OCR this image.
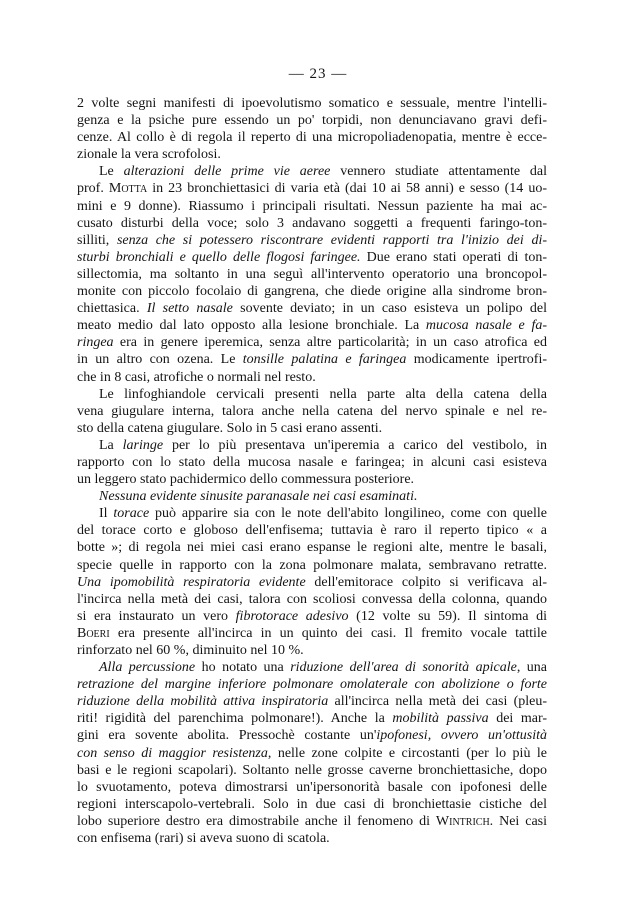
— 23 —

2 volte segni manifesti di ipoevolutismo somatico e sessuale, mentre l'intelli-
genza e la psiche pure essendo un po' torpidi, non denunciavano gravi defi-
cenze. Al collo è di regola il reperto di una micropoliadenopatia, mentre è ecce-
zionale la vera scrofolosi.

Le alterazioni delle prime vie aeree vennero studiate attentamente dal
prof. Motta in 23 bronchiettasici di varia età (dai 10 ai 58 anni) e sesso (14 uo-
mini e 9 donne). Riassumo i principali risultati. Nessun paziente ha mai ac-
cusato disturbi della voce; solo 3 andavano soggetti a frequenti faringo-ton-
silliti, senza che si potessero riscontrare evidenti rapporti tra l'inizio dei di-
sturbi bronchiali e quello delle flogosi faringee. Due erano stati operati di ton-
sillectomia, ma soltanto in una seguì all'intervento operatorio una broncopol-
monite con piccolo focolaio di gangrena, che diede origine alla sindrome bron-
chiettasica. Il setto nasale sovente deviato; in un caso esisteva un polipo del
meato medio dal lato opposto alla lesione bronchiale. La mucosa nasale e fa-
ringea era in genere iperemica, senza altre particolarità; in un caso atrofica ed
in un altro con ozena. Le tonsille palatina e faringea modicamente ipertrofi-
che in 8 casi, atrofiche o normali nel resto.

Le linfoghiandole cervicali presenti nella parte alta della catena della
vena giugulare interna, talora anche nella catena del nervo spinale e nel re-
sto della catena giugulare. Solo in 5 casi erano assenti.

La laringe per lo più presentava un'iperemia a carico del vestibolo, in
rapporto con lo stato della mucosa nasale e faringea; in alcuni casi esisteva
un leggero stato pachidermico dello commessura posteriore.

Nessuna evidente sinusite paranasale nei casi esaminati.

Il torace può apparire sia con le note dell'abito longilineo, come con quelle
del torace corto e globoso dell'enfisema; tuttavia è raro il reperto tipico « a
botte »; di regola nei miei casi erano espanse le regioni alte, mentre le basali,
specie quelle in rapporto con la zona polmonare malata, sembravano retratte.
Una ipomobilità respiratoria evidente dell'emitorace colpito si verificava al-
l'incirca nella metà dei casi, talora con scoliosi convessa della colonna, quando
si era instaurato un vero fibrotorace adesivo (12 volte su 59). Il sintoma di
Boeri era presente all'incirca in un quinto dei casi. Il fremito vocale tattile
rinforzato nel 60 %, diminuito nel 10 %.

Alla percussione ho notato una riduzione dell'area di sonorità apicale, una
retrazione del margine inferiore polmonare omolaterale con abolizione o forte
riduzione della mobilità attiva inspiratoria all'incirca nella metà dei casi (pleu-
riti! rigidità del parenchima polmonare!). Anche la mobilità passiva dei mar-
gini era sovente abolita. Pressochè costante un'ipofonesi, ovvero un'ottusità
con senso di maggior resistenza, nelle zone colpite e circostanti (per lo più le
basi e le regioni scapolari). Soltanto nelle grosse caverne bronchiettasiche, dopo
lo svuotamento, poteva dimostrarsi un'ipersonorità basale con ipofonesi delle
regioni interscapolo-vertebrali. Solo in due casi di bronchiettasie cistiche del
lobo superiore destro era dimostrabile anche il fenomeno di Wintrich. Nei casi
con enfisema (rari) si aveva suono di scatola.
